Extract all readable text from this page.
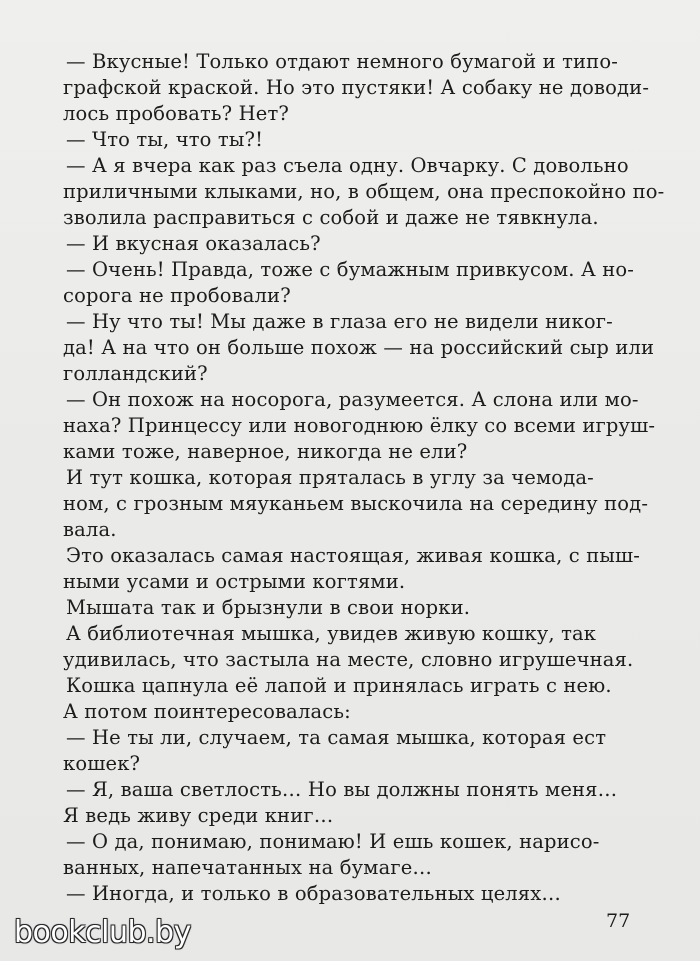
— Вкусные! Только отдают немного бумагой и типо-

графской краской. Но это пустяки! А собаку не доводи-

лось пробовать? Нет?

— Что ты, что ты?!

— А я вчера как раз съела одну. Овчарку. С довольно

приличными клыками, но, в общем, она преспокойно по-

зволила расправиться с собой и даже не тявкнула.

— И вкусная оказалась?

— Очень! Правда, тоже с бумажным привкусом. А но-

сорога не пробовали?

— Ну что ты! Мы даже в глаза его не видели никог-

да! А на что он больше похож — на российский сыр или

голландский?

— Он похож на носорога, разумеется. А слона или мо-

наха? Принцессу или новогоднюю ёлку со всеми игруш-

ками тоже, наверное, никогда не ели?

И тут кошка, которая пряталась в углу за чемода-

ном, с грозным мяуканьем выскочила на середину под-

вала.

Это оказалась самая настоящая, живая кошка, с пыш-

ными усами и острыми когтями.

Мышата так и брызнули в свои норки.

А библиотечная мышка, увидев живую кошку, так

удивилась, что застыла на месте, словно игрушечная.

Кошка цапнула её лапой и принялась играть с нею.

А потом поинтересовалась:

— Не ты ли, случаем, та самая мышка, которая ест

кошек?

— Я, ваша светлость… Но вы должны понять меня…

Я ведь живу среди книг…

— О да, понимаю, понимаю! И ешь кошек, нарисо-

ванных, напечатанных на бумаге…

— Иногда, и только в образовательных целях…

77

bookclub.by
